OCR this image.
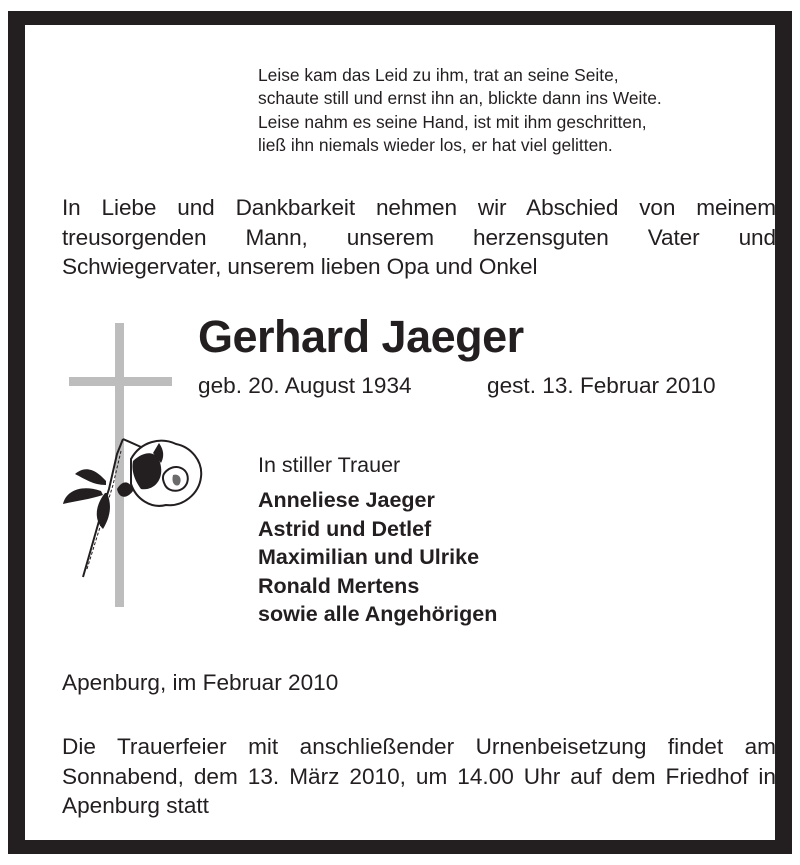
Leise kam das Leid zu ihm, trat an seine Seite,
schaute still und ernst ihn an, blickte dann ins Weite.
Leise nahm es seine Hand, ist mit ihm geschritten,
ließ ihn niemals wieder los, er hat viel gelitten.
In Liebe und Dankbarkeit nehmen wir Abschied von meinem treusorgenden Mann, unserem herzensguten Vater und Schwiegervater, unserem lieben Opa und Onkel
Gerhard Jaeger
geb. 20. August 1934	gest. 13. Februar 2010
In stiller Trauer
Anneliese Jaeger
Astrid und Detlef
Maximilian und Ulrike
Ronald Mertens
sowie alle Angehörigen
Apenburg, im Februar 2010
Die Trauerfeier mit anschließender Urnenbeisetzung findet am Sonnabend, dem 13. März 2010, um 14.00 Uhr auf dem Friedhof in Apenburg statt
